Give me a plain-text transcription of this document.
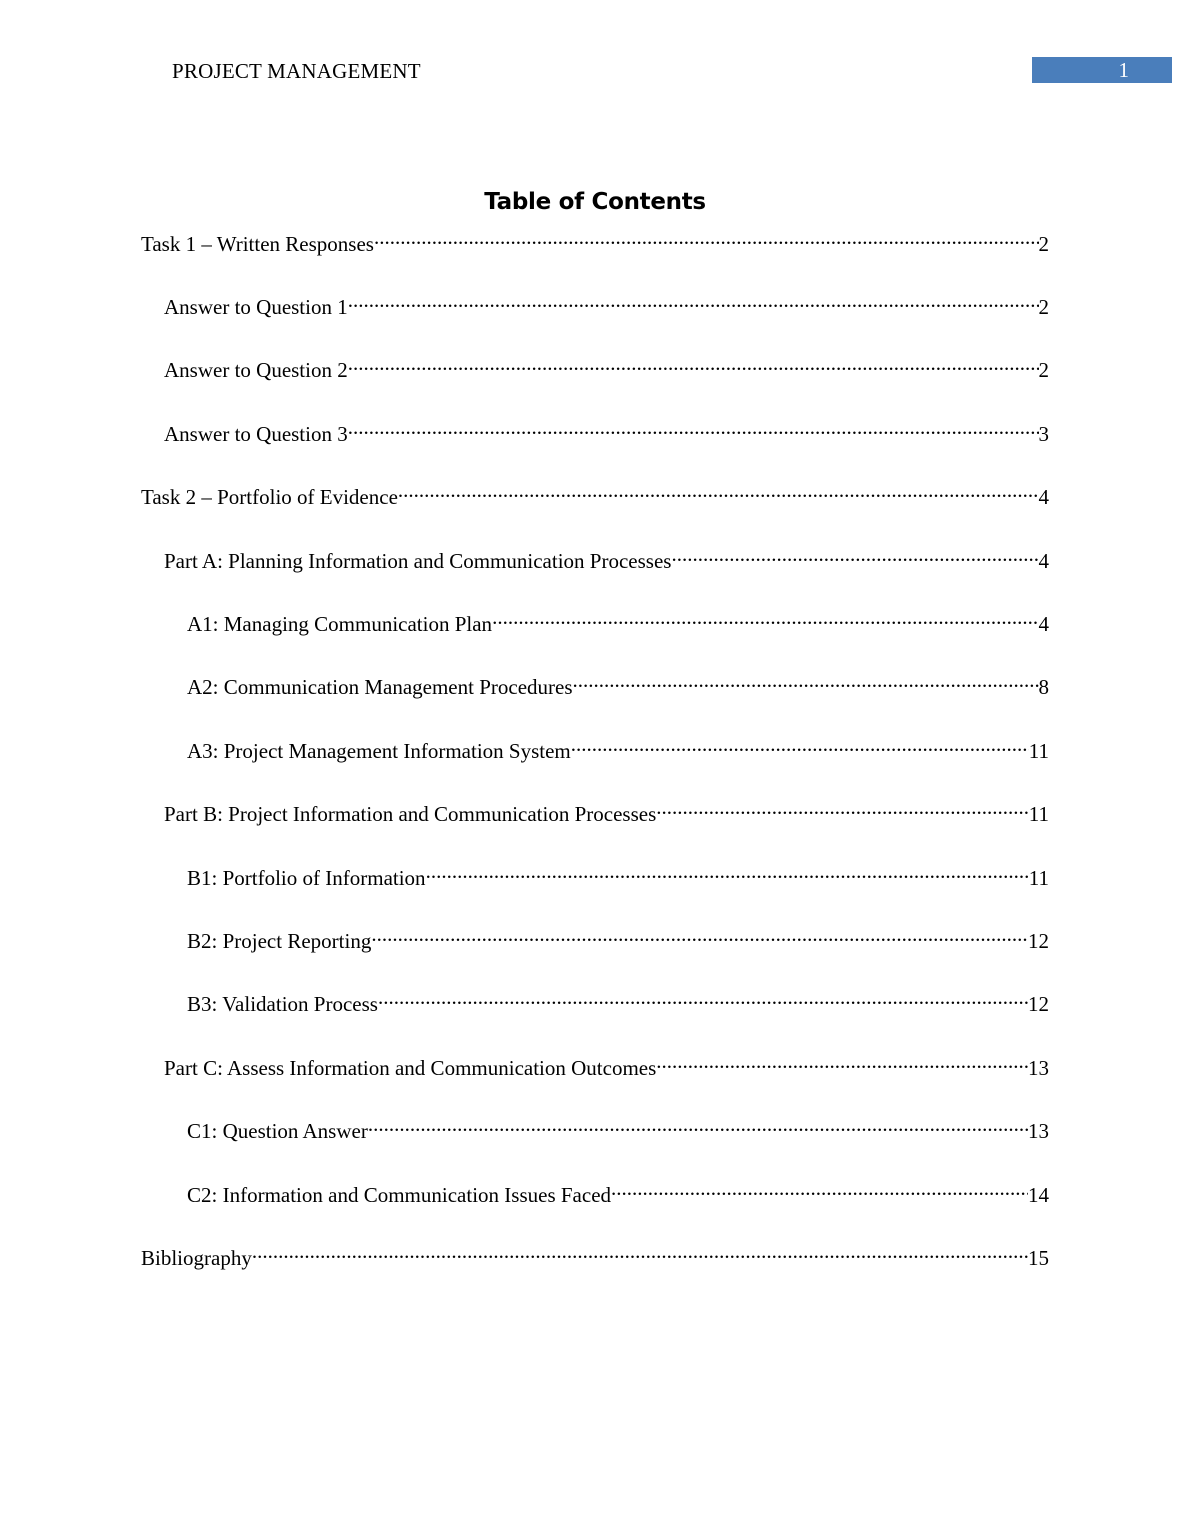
PROJECT MANAGEMENT	1
Table of Contents
Task 1 – Written Responses .....	2
Answer to Question 1 .....	2
Answer to Question 2 .....	2
Answer to Question 3 .....	3
Task 2 – Portfolio of Evidence .....	4
Part A: Planning Information and Communication Processes .....	4
A1: Managing Communication Plan .....	4
A2: Communication Management Procedures .....	8
A3: Project Management Information System .....	11
Part B: Project Information and Communication Processes .....	11
B1: Portfolio of Information .....	11
B2: Project Reporting .....	12
B3: Validation Process .....	12
Part C: Assess Information and Communication Outcomes .....	13
C1: Question Answer .....	13
C2: Information and Communication Issues Faced .....	14
Bibliography .....	15
